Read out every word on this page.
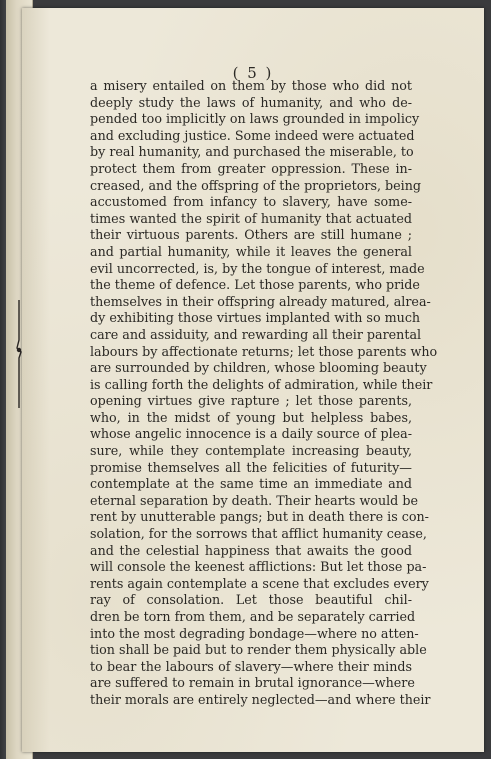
( 5 )
a misery entailed on them by those who did not
deeply study the laws of humanity, and who de-
pended too implicitly on laws grounded in impolicy
and excluding justice. Some indeed were actuated
by real humanity, and purchased the miserable, to
protect them from greater oppression. These in-
creased, and the offspring of the proprietors, being
accustomed from infancy to slavery, have some-
times wanted the spirit of humanity that actuated
their virtuous parents. Others are still humane ;
and partial humanity, while it leaves the general
evil uncorrected, is, by the tongue of interest, made
the theme of defence. Let those parents, who pride
themselves in their offspring already matured, alrea-
dy exhibiting those virtues implanted with so much
care and assiduity, and rewarding all their parental
labours by affectionate returns; let those parents who
are surrounded by children, whose blooming beauty
is calling forth the delights of admiration, while their
opening virtues give rapture ; let those parents,
who, in the midst of young but helpless babes,
whose angelic innocence is a daily source of plea-
sure, while they contemplate increasing beauty,
promise themselves all the felicities of futurity—
contemplate at the same time an immediate and
eternal separation by death. Their hearts would be
rent by unutterable pangs; but in death there is con-
solation, for the sorrows that afflict humanity cease,
and the celestial happiness that awaits the good
will console the keenest afflictions: But let those pa-
rents again contemplate a scene that excludes every
ray of consolation. Let those beautiful chil-
dren be torn from them, and be separately carried
into the most degrading bondage—where no atten-
tion shall be paid but to render them physically able
to bear the labours of slavery—where their minds
are suffered to remain in brutal ignorance—where
their morals are entirely neglected—and where their
